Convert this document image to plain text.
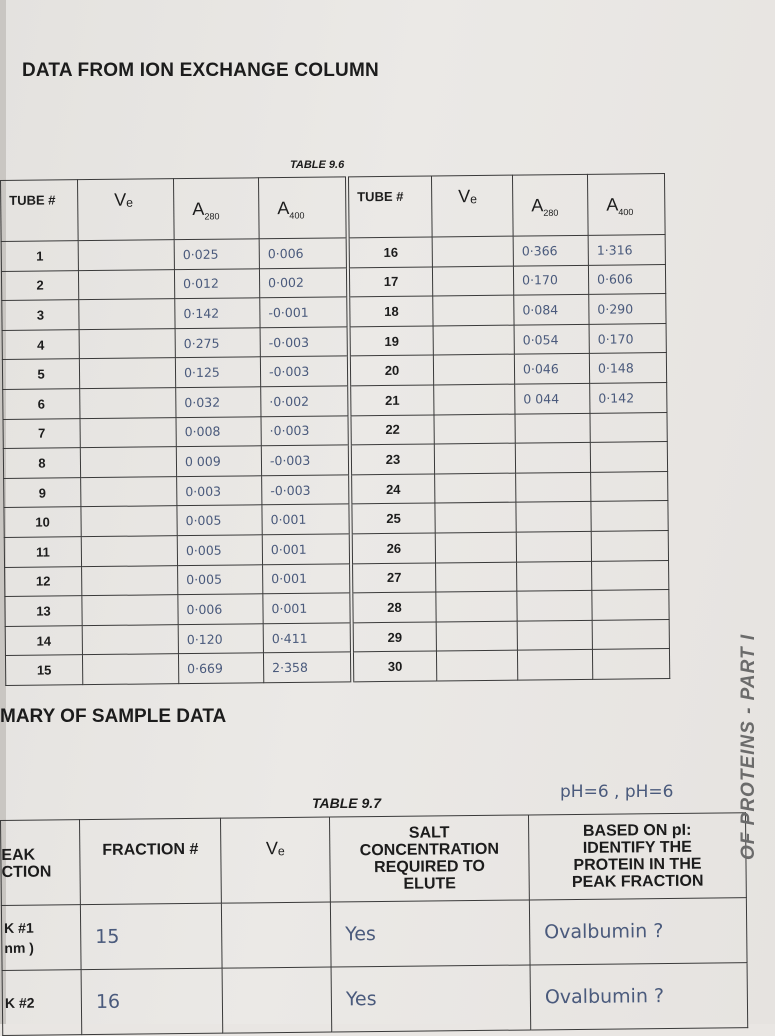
DATA FROM ION EXCHANGE COLUMN
TABLE 9.6
TUBE #	Vₑ	$A_{280}$	$A_{400}$	TUBE #	Vₑ	$A_{280}$	$A_{400}$

1		0·025	0·006	16		0·366	1·316
2		0·012	0·002	17		0·170	0·606
3		0·142	-0·001	18		0·084	0·290
4		0·275	-0·003	19		0·054	0·170
5		0·125	-0·003	20		0·046	0·148
6		0·032	·0·002	21		0 044	0·142
7		0·008	·0·003	22			
8		0 009	-0·003	23			
9		0·003	-0·003	24			
10		0·005	0·001	25			
11		0·005	0·001	26			
12		0·005	0·001	27			
13		0·006	0·001	28			
14		0·120	0·411	29			
15		0·669	2·358	30			
MARY OF SAMPLE DATA
pH=6 , pH=6
TABLE 9.7
EAK
CTION	FRACTION #	Vₑ	SALT
CONCENTRATION
REQUIRED TO
ELUTE	BASED ON pI:
IDENTIFY THE
PROTEIN IN THE
PEAK FRACTION

K #1
nm )	15		Yes	Ovalbumin ?
K #2	16		Yes	Ovalbumin ?
OF PROTEINS - PART I
